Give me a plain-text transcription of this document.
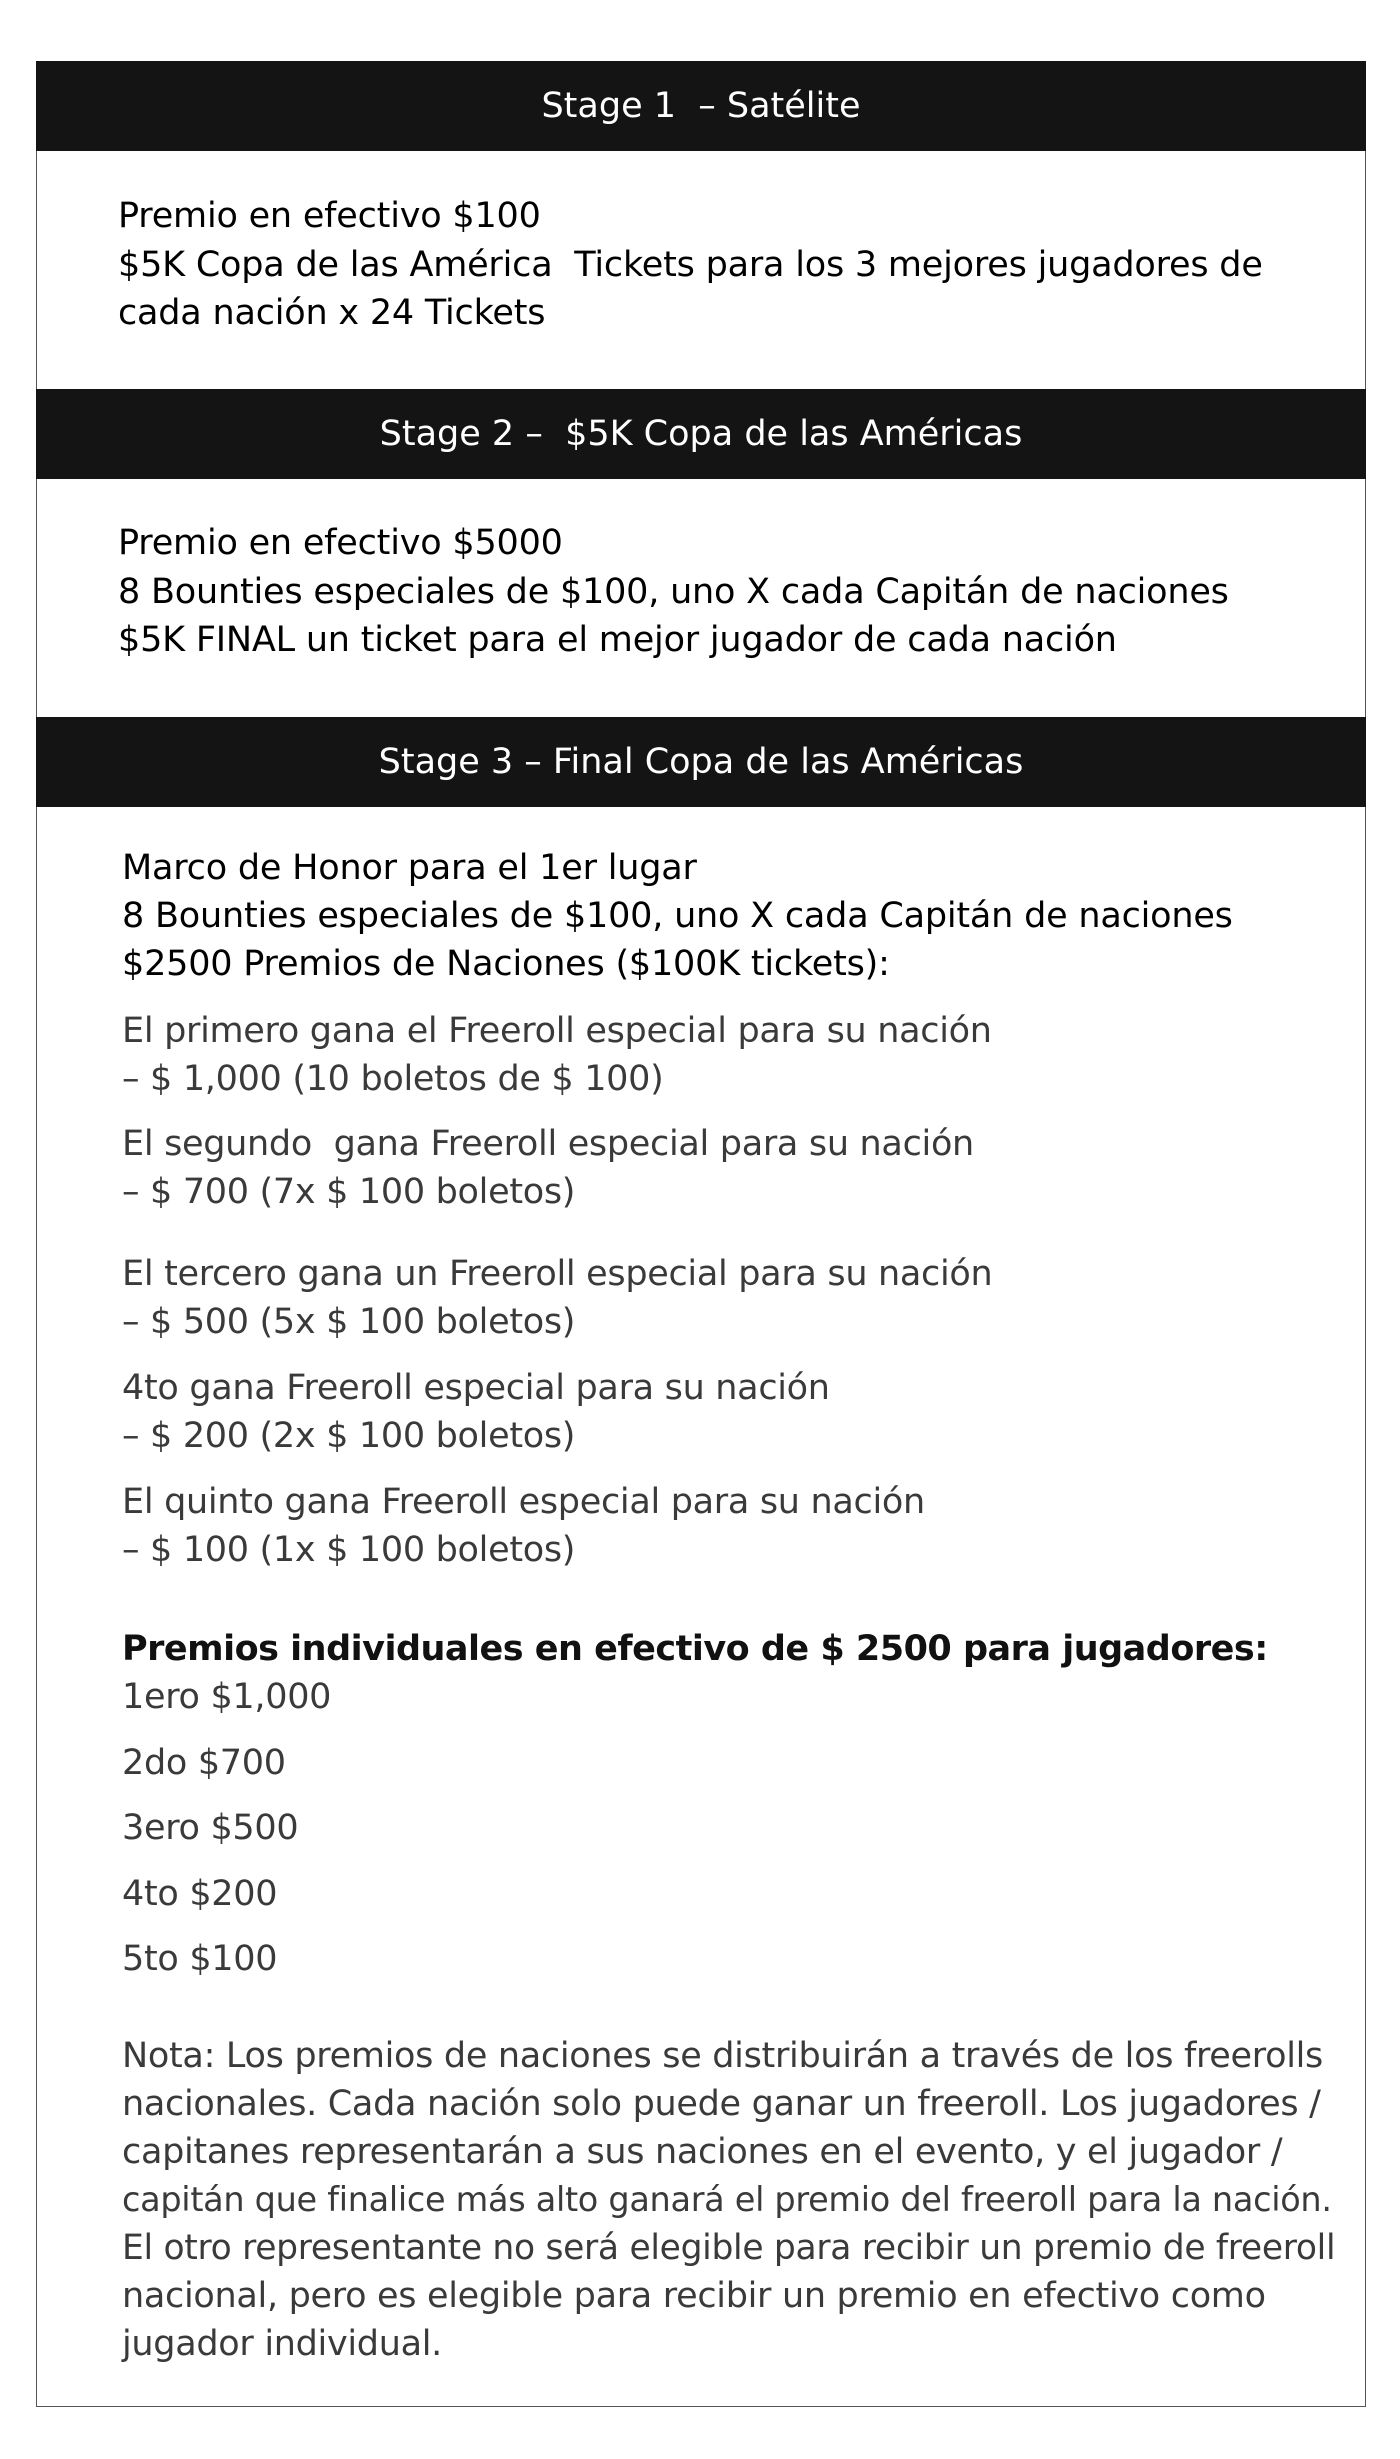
Stage 1  – Satélite
Premio en efectivo $100
$5K Copa de las América  Tickets para los 3 mejores jugadores de
cada nación x 24 Tickets
Stage 2 –  $5K Copa de las Américas
Premio en efectivo $5000
8 Bounties especiales de $100, uno X cada Capitán de naciones
$5K FINAL un ticket para el mejor jugador de cada nación
Stage 3 – Final Copa de las Américas
Marco de Honor para el 1er lugar
8 Bounties especiales de $100, uno X cada Capitán de naciones
$2500 Premios de Naciones ($100K tickets):
El primero gana el Freeroll especial para su nación
– $ 1,000 (10 boletos de $ 100)
El segundo  gana Freeroll especial para su nación
– $ 700 (7x $ 100 boletos)
El tercero gana un Freeroll especial para su nación
– $ 500 (5x $ 100 boletos)
4to gana Freeroll especial para su nación
– $ 200 (2x $ 100 boletos)
El quinto gana Freeroll especial para su nación
– $ 100 (1x $ 100 boletos)
Premios individuales en efectivo de $ 2500 para jugadores:
1ero $1,000
2do $700
3ero $500
4to $200
5to $100
Nota: Los premios de naciones se distribuirán a través de los freerolls
nacionales. Cada nación solo puede ganar un freeroll. Los jugadores /
capitanes representarán a sus naciones en el evento, y el jugador /
capitán que finalice más alto ganará el premio del freeroll para la nación.
El otro representante no será elegible para recibir un premio de freeroll
nacional, pero es elegible para recibir un premio en efectivo como
jugador individual.
